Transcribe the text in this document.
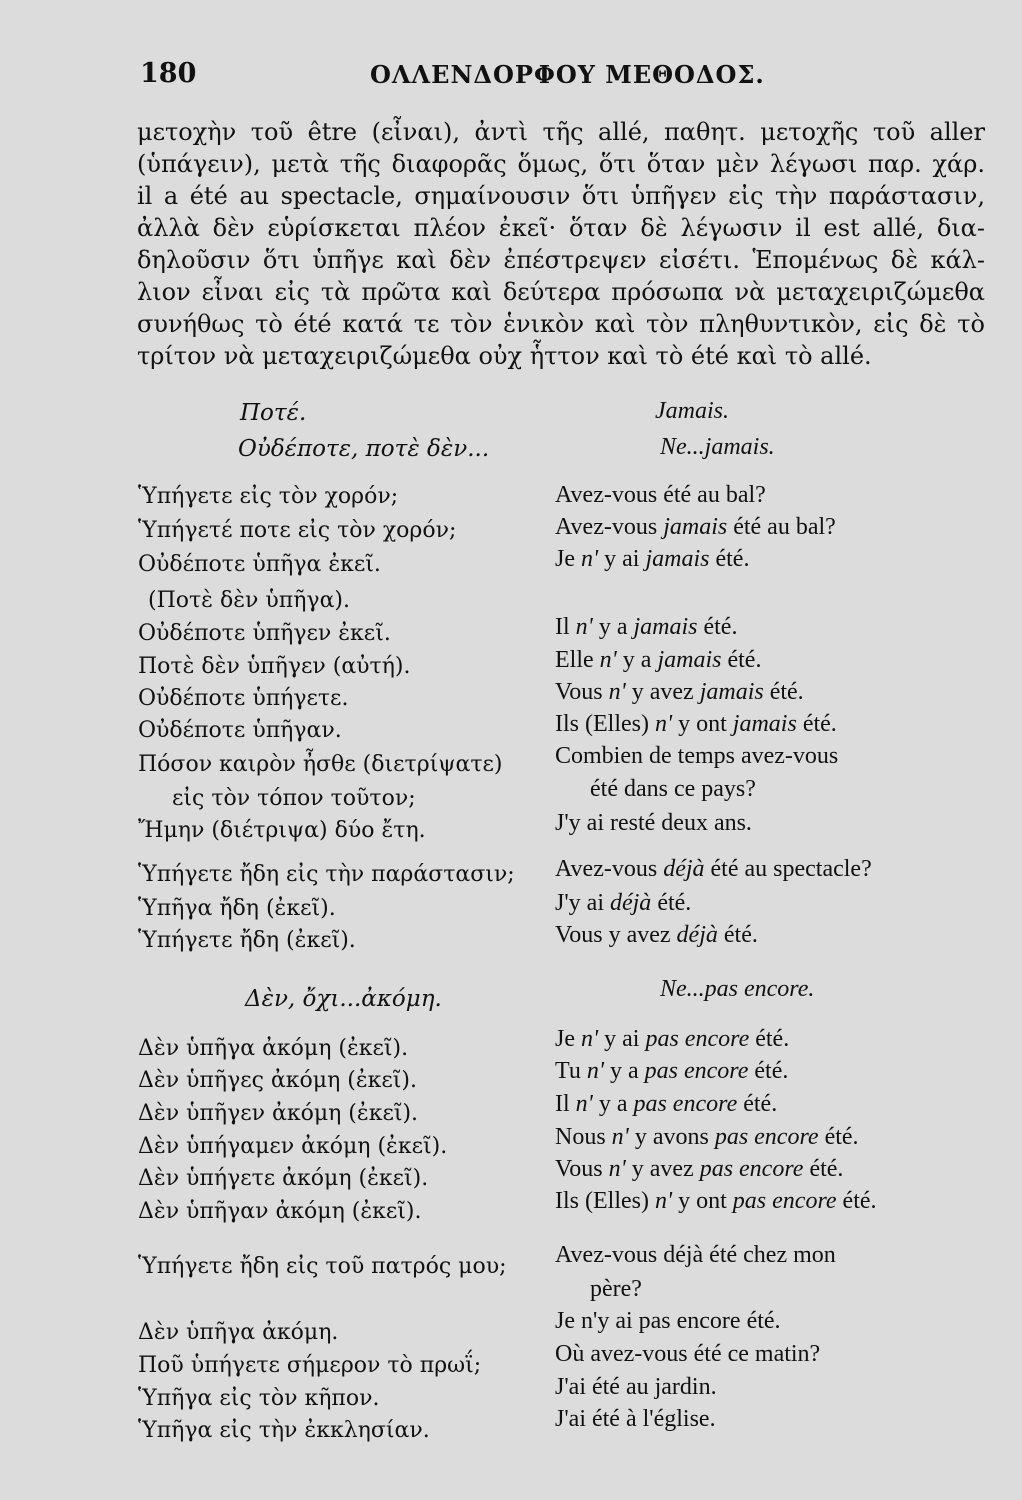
180	ΟΛΛΕΝΔΟΡΦΟΥ ΜΕΘΟΔΟΣ.
μετοχὴν τοῦ être (εἶναι), ἀντὶ τῆς allé, παθητ. μετοχῆς τοῦ aller
(ὑπάγειν), μετὰ τῆς διαφορᾶς ὅμως, ὅτι ὅταν μὲν λέγωσι παρ. χάρ.
il a été au spectacle, σημαίνουσιν ὅτι ὑπῆγεν εἰς τὴν παράστασιν,
ἀλλὰ δὲν εὑρίσκεται πλέον ἐκεῖ· ὅταν δὲ λέγωσιν il est allé, δια-
δηλοῦσιν ὅτι ὑπῆγε καὶ δὲν ἐπέστρεψεν εἰσέτι. Ἑπομένως δὲ κάλ-
λιον εἶναι εἰς τὰ πρῶτα καὶ δεύτερα πρόσωπα νὰ μεταχειριζώμεθα
συνήθως τὸ été κατά τε τὸν ἑνικὸν καὶ τὸν πληθυντικὸν, εἰς δὲ τὸ
τρίτον νὰ μεταχειριζώμεθα οὐχ ἧττον καὶ τὸ été καὶ τὸ allé.
Ποτέ.	Jamais.
Οὐδέποτε, ποτὲ δὲν...	Ne...jamais.
Ὑπήγετε εἰς τὸν χορόν;	Avez-vous été au bal?
Ὑπήγετέ ποτε εἰς τὸν χορόν;	Avez-vous jamais été au bal?
Οὐδέποτε ὑπῆγα ἐκεῖ.	Je n' y ai jamais été.
(Ποτὲ δὲν ὑπῆγα).
Οὐδέποτε ὑπῆγεν ἐκεῖ.	Il n' y a jamais été.
Ποτὲ δὲν ὑπῆγεν (αὐτή).	Elle n' y a jamais été.
Οὐδέποτε ὑπήγετε.	Vous n' y avez jamais été.
Οὐδέποτε ὑπῆγαν.	Ils (Elles) n' y ont jamais été.
Πόσον καιρὸν ἦσθε (διετρίψατε)	Combien de temps avez-vous
εἰς τὸν τόπον τοῦτον;	été dans ce pays?
Ἤμην (διέτριψα) δύο ἔτη.	J'y ai resté deux ans.
Ὑπήγετε ἤδη εἰς τὴν παράστασιν;	Avez-vous déjà été au spectacle?
Ὑπῆγα ἤδη (ἐκεῖ).	J'y ai déjà été.
Ὑπήγετε ἤδη (ἐκεῖ).	Vous y avez déjà été.
Δὲν, ὄχι...ἀκόμη.	Ne...pas encore.
Δὲν ὑπῆγα ἀκόμη (ἐκεῖ).	Je n' y ai pas encore été.
Δὲν ὑπῆγες ἀκόμη (ἐκεῖ).	Tu n' y a pas encore été.
Δὲν ὑπῆγεν ἀκόμη (ἐκεῖ).	Il n' y a pas encore été.
Δὲν ὑπήγαμεν ἀκόμη (ἐκεῖ).	Nous n' y avons pas encore été.
Δὲν ὑπήγετε ἀκόμη (ἐκεῖ).	Vous n' y avez pas encore été.
Δὲν ὑπῆγαν ἀκόμη (ἐκεῖ).	Ils (Elles) n' y ont pas encore été.
Ὑπήγετε ἤδη εἰς τοῦ πατρός μου;	Avez-vous déjà été chez mon
père?
Δὲν ὑπῆγα ἀκόμη.	Je n'y ai pas encore été.
Ποῦ ὑπήγετε σήμερον τὸ πρωΐ;	Où avez-vous été ce matin?
Ὑπῆγα εἰς τὸν κῆπον.	J'ai été au jardin.
Ὑπῆγα εἰς τὴν ἐκκλησίαν.	J'ai été à l'église.
